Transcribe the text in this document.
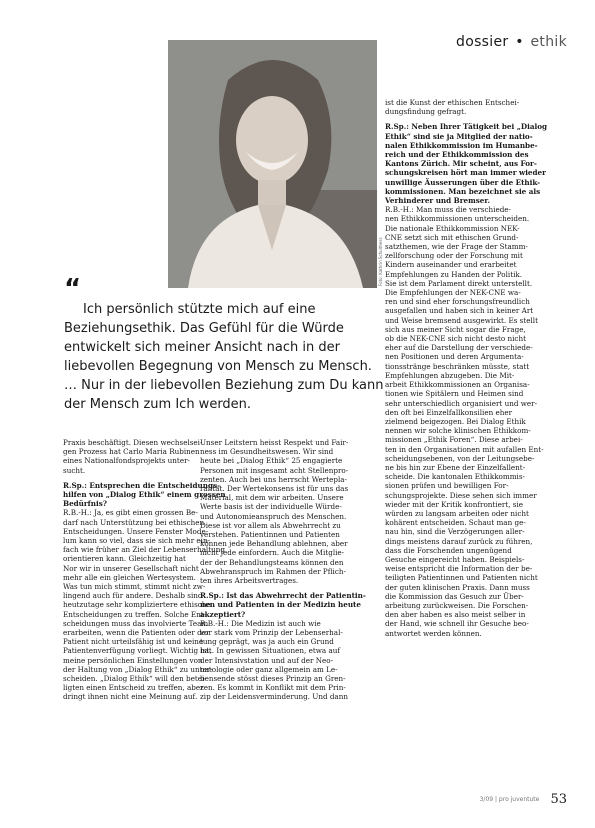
dossier • ethik
Foto: Kathrin Schulthess
“
Ich persönlich stützte mich auf eine
Beziehungsethik. Das Gefühl für die Würde
entwickelt sich meiner Ansicht nach in der
liebevollen Begegnung von Mensch zu Mensch.
… Nur in der liebevollen Beziehung zum Du kann
der Mensch zum Ich werden.
Praxis beschäftigt. Diesen wechselsei-
gen Prozess hat Carlo Maria Rubinen
eines Nationalfondsprojekts unter-
sucht.
R.Sp.: Entsprechen die Entscheidungs-
hilfen von „Dialog Ethik“ einem grossen
Bedürfnis?
R.B.-H.: Ja, es gibt einen grossen Be-
darf nach Unterstützung bei ethischen
Entscheidungen. Unsere Fenster Mode-
lum kann so viel, dass sie sich mehr ein-
fach wie früher an Ziel der Lebenserhaltung
orientieren kann. Gleichzeitig hat
Nor wir in unserer Gesellschaft nicht
mehr alle ein gleichen Wertesystem.
Was tun mich stimmt, stimmt nicht zw-
lingend auch für andere. Deshalb sind
heutzutage sehr kompliziertere ethische
Entscheidungen zu treffen. Solche Ent-
scheidungen muss das involvierte Team
erarbeiten, wenn die Patienten oder der
Patient nicht urteilsfähig ist und keine
Patientenverfügung vorliegt. Wichtig ist,
meine persönlichen Einstellungen von
der Haltung von „Dialog Ethik“ zu unter-
scheiden. „Dialog Ethik“ will den betei-
ligten einen Entscheid zu treffen, aber
dringt ihnen nicht eine Meinung auf.
Unser Leitstern heisst Respekt und Fair-
ness im Gesundheitswesen. Wir sind
heute bei „Dialog Ethik“ 25 engagierte
Personen mit insgesamt acht Stellenpro-
zenten. Auch bei uns herrscht Wertepla-
ralität. Der Wertekonsens ist für uns das
Material, mit dem wir arbeiten. Unsere
Werte basis ist der individuelle Würde-
und Autonomieanspruch des Menschen.
Diese ist vor allem als Abwehrrecht zu
verstehen. Patientinnen und Patienten
können jede Behandlung ablehnen, aber
nicht jede einfordern. Auch die Mitglie-
der der Behandlungsteams können den
Abwehranspruch im Rahmen der Pflich-
ten ihres Arbeitsvertrages.
R.Sp.: Ist das Abwehrrecht der Patientin-
nen und Patienten in der Medizin heute
akzeptiert?
R.B.-H.: Die Medizin ist auch wie
vor stark vom Prinzip der Lebenserhal-
tung geprägt, was ja auch ein Grund
hat. In gewissen Situationen, etwa auf
der Intensivstation und auf der Neo-
natologie oder ganz allgemein am Le-
bensende stösst dieses Prinzip an Gren-
zen. Es kommt in Konflikt mit dem Prin-
zip der Leidensverminderung. Und dann
ist die Kunst der ethischen Entschei-
dungsfindung gefragt.
R.Sp.: Neben Ihrer Tätigkeit bei „Dialog
Ethik“ sind sie ja Mitglied der natio-
nalen Ethikkommission im Humanbe-
reich und der Ethikkommission des
Kantons Zürich. Mir scheint, aus For-
schungskreisen hört man immer wieder
unwillige Äusserungen über die Ethik-
kommissionen. Man bezeichnet sie als
Verhinderer und Bremser.
R.B.-H.: Man muss die verschiede-
nen Ethikkommissionen unterscheiden.
Die nationale Ethikkommission NEK-
CNE setzt sich mit ethischen Grund-
satzthemen, wie der Frage der Stamm-
zellforschung oder der Forschung mit
Kindern auseinander und erarbeitet
Empfehlungen zu Handen der Politik.
Sie ist dem Parlament direkt unterstellt.
Die Empfehlungen der NEK-CNE wa-
ren und sind eher forschungsfreundlich
ausgefallen und haben sich in keiner Art
und Weise bremsend ausgewirkt. Es stellt
sich aus meiner Sicht sogar die Frage,
ob die NEK-CNE sich nicht desto nicht
eher auf die Darstellung der verschiede-
nen Positionen und deren Argumenta-
tionsstränge beschränken müsste, statt
Empfehlungen abzugeben. Die Mit-
arbeit Ethikkommissionen an Organisa-
tionen wie Spitälern und Heimen sind
sehr unterschiedlich organisiert und wer-
den oft bei Einzelfallkonsilien eher
zielmend beigezogen. Bei Dialog Ethik
nennen wir solche klinischen Ethikkom-
missionen „Ethik Foren“. Diese arbei-
ten in den Organisationen mit aufallen Ent-
scheidungsebenen, von der Leitungsebe-
ne bis hin zur Ebene der Einzelfallent-
scheide. Die kantonalen Ethikkommis-
sionen prüfen und bewilligen For-
schungsprojekte. Diese sehen sich immer
wieder mit der Kritik konfrontiert, sie
würden zu langsam arbeiten oder nicht
kohärent entscheiden. Schaut man ge-
nau hin, sind die Verzögerungen aller-
dings meistens darauf zurück zu führen,
dass die Forschenden ungenügend
Gesuche eingereicht haben. Beispiels-
weise entspricht die Information der be-
teiligten Patientinnen und Patienten nicht
der guten klinischen Praxis. Dann muss
die Kommission das Gesuch zur Über-
arbeitung zurückweisen. Die Forschen-
den aber haben es also meist selber in
der Hand, wie schnell ihr Gesuche beo-
antwortet werden können.
3/09 | pro juventute 53
